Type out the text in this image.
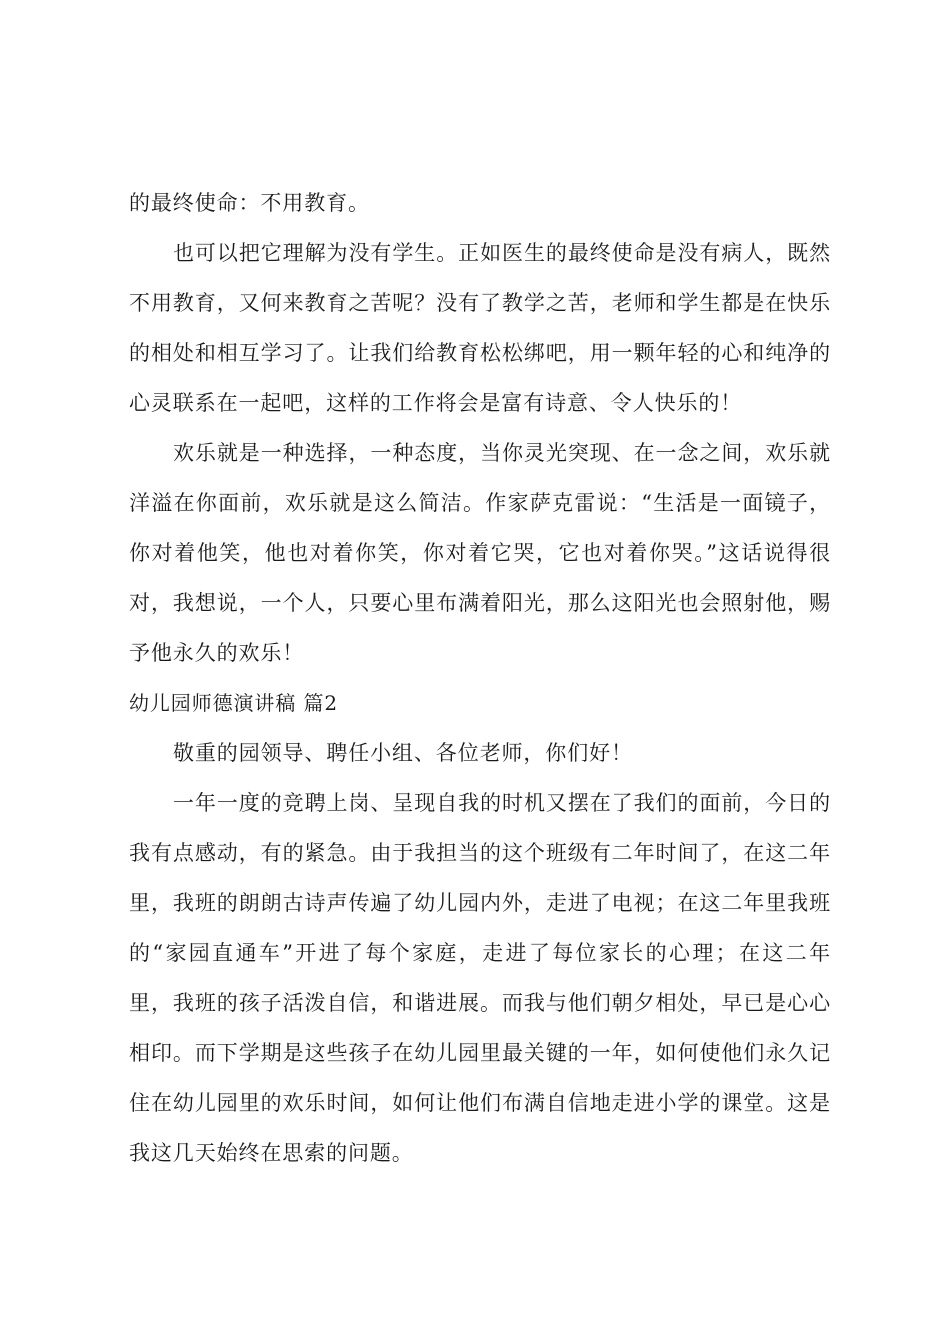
的最终使命：不用教育。

也可以把它理解为没有学生。正如医生的最终使命是没有病人，既然不用教育，又何来教育之苦呢？没有了教学之苦，老师和学生都是在快乐的相处和相互学习了。让我们给教育松松绑吧，用一颗年轻的心和纯净的心灵联系在一起吧，这样的工作将会是富有诗意、令人快乐的！

欢乐就是一种选择，一种态度，当你灵光突现、在一念之间，欢乐就洋溢在你面前，欢乐就是这么简洁。作家萨克雷说：“生活是一面镜子，你对着他笑，他也对着你笑，你对着它哭，它也对着你哭。”这话说得很对，我想说，一个人，只要心里布满着阳光，那么这阳光也会照射他，赐予他永久的欢乐！

幼儿园师德演讲稿 篇2

敬重的园领导、聘任小组、各位老师，你们好！

一年一度的竞聘上岗、呈现自我的时机又摆在了我们的面前，今日的我有点感动，有的紧急。由于我担当的这个班级有二年时间了，在这二年里，我班的朗朗古诗声传遍了幼儿园内外，走进了电视；在这二年里我班的“家园直通车”开进了每个家庭，走进了每位家长的心理；在这二年里，我班的孩子活泼自信，和谐进展。而我与他们朝夕相处，早已是心心相印。而下学期是这些孩子在幼儿园里最关键的一年，如何使他们永久记住在幼儿园里的欢乐时间，如何让他们布满自信地走进小学的课堂。这是我这几天始终在思索的问题。
